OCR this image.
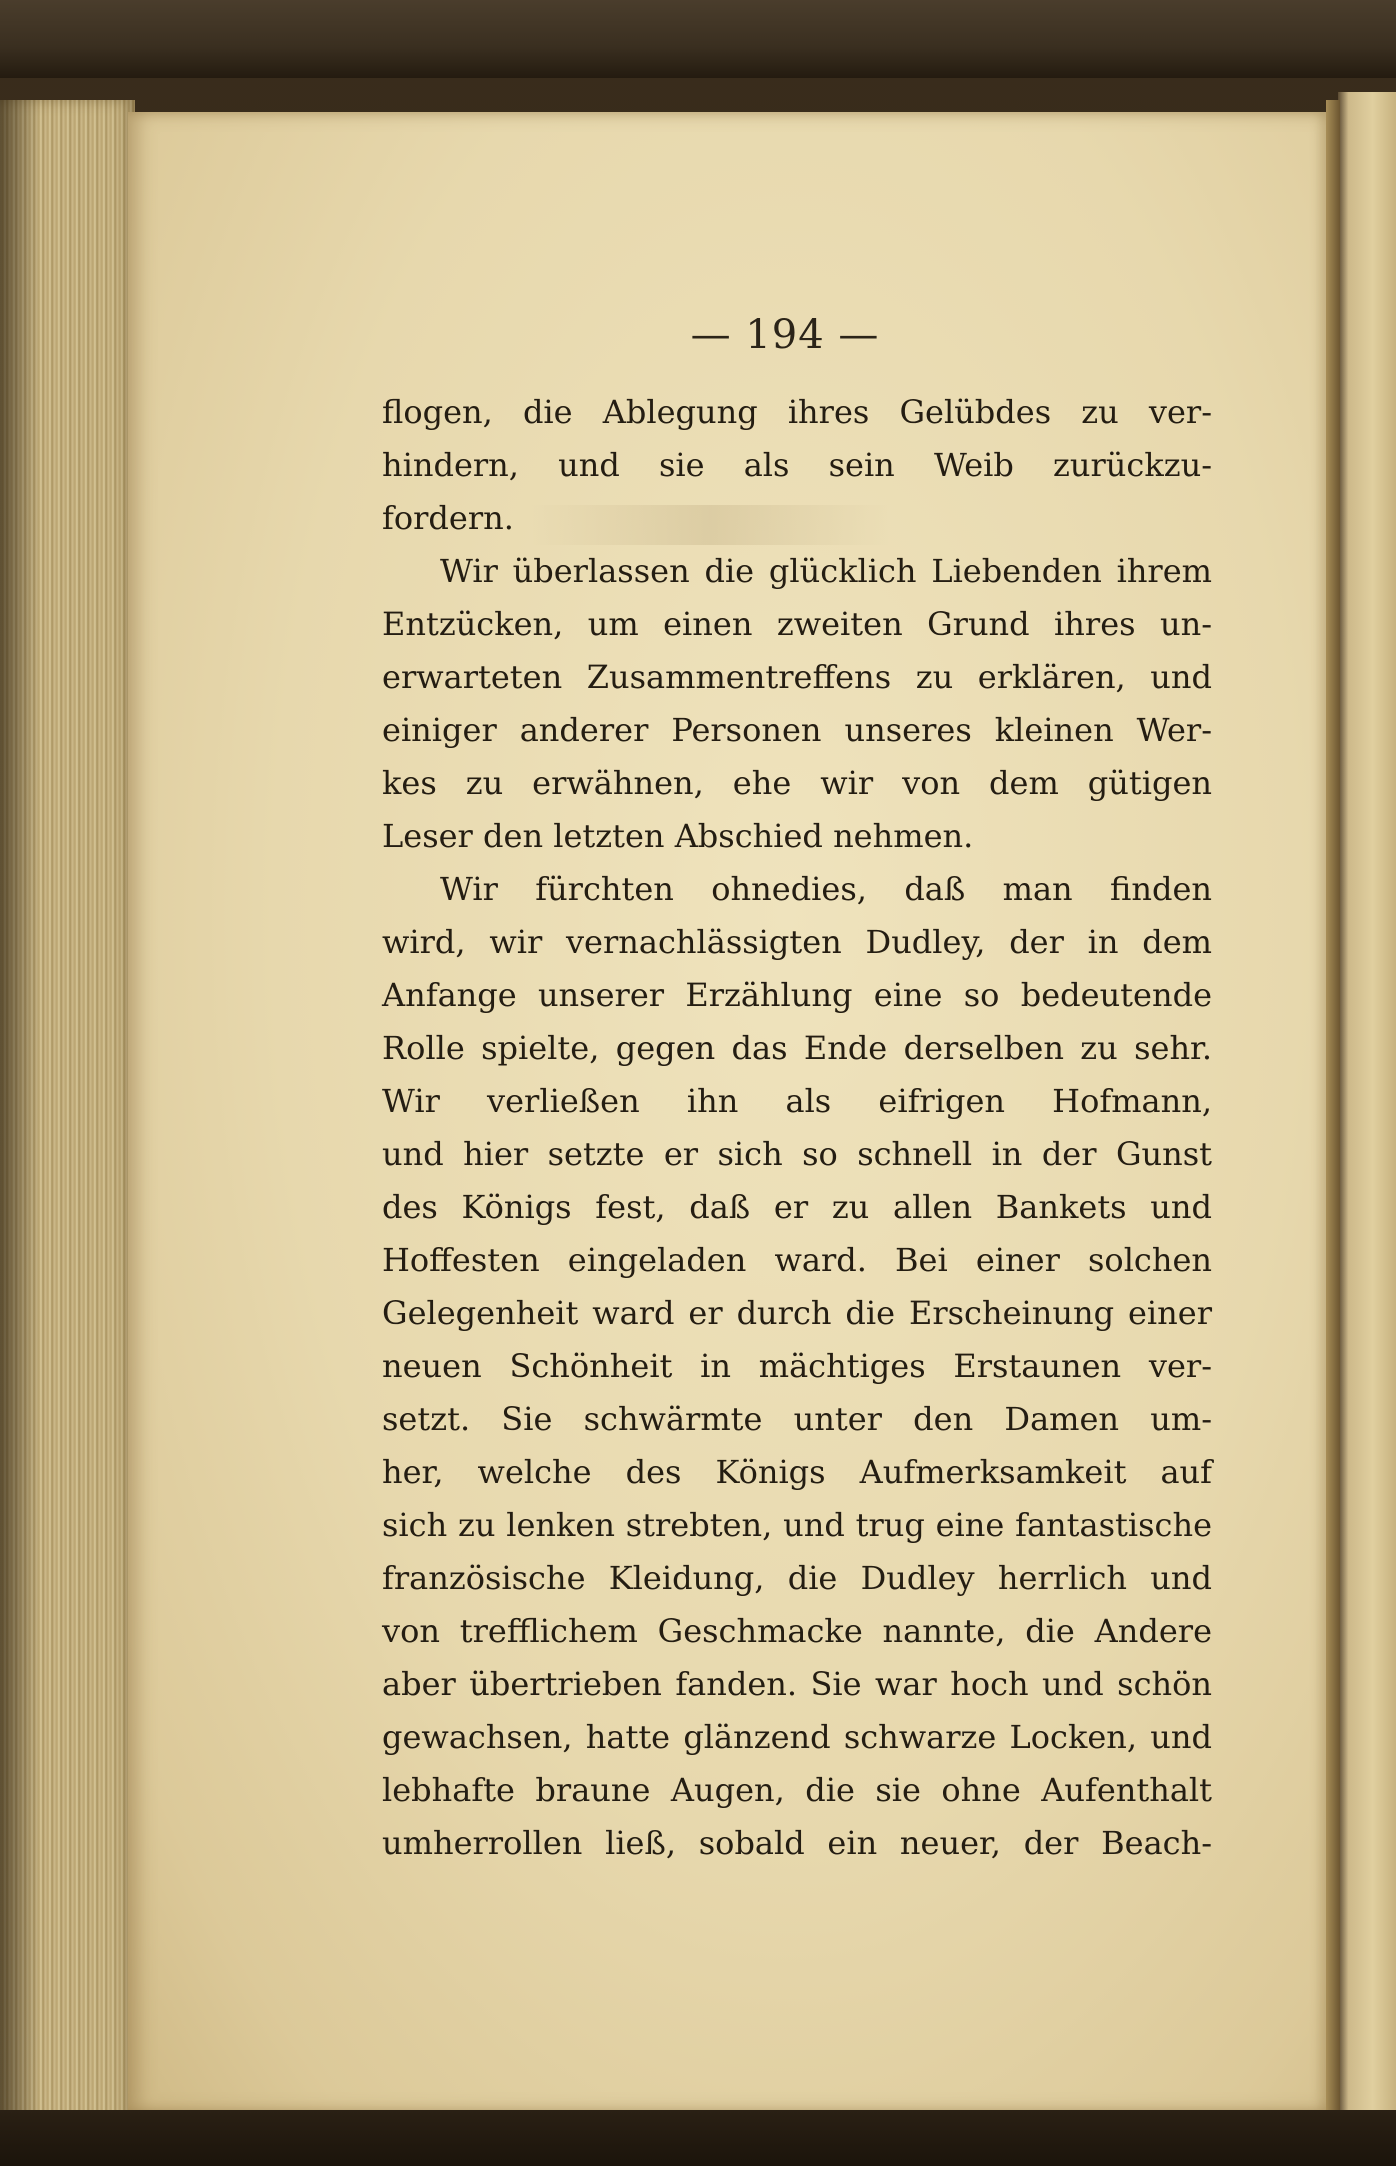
— 194 —
flogen, die Ablegung ihres Gelübdes zu ver-
hindern, und sie als sein Weib zurückzu-
fordern.
Wir überlassen die glücklich Liebenden ihrem
Entzücken, um einen zweiten Grund ihres un-
erwarteten Zusammentreffens zu erklären, und
einiger anderer Personen unseres kleinen Wer-
kes zu erwähnen, ehe wir von dem gütigen
Leser den letzten Abschied nehmen.
Wir fürchten ohnedies, daß man finden
wird, wir vernachlässigten Dudley, der in dem
Anfange unserer Erzählung eine so bedeutende
Rolle spielte, gegen das Ende derselben zu sehr.
Wir verließen ihn als eifrigen Hofmann,
und hier setzte er sich so schnell in der Gunst
des Königs fest, daß er zu allen Bankets und
Hoffesten eingeladen ward. Bei einer solchen
Gelegenheit ward er durch die Erscheinung einer
neuen Schönheit in mächtiges Erstaunen ver-
setzt. Sie schwärmte unter den Damen um-
her, welche des Königs Aufmerksamkeit auf
sich zu lenken strebten, und trug eine fantastische
französische Kleidung, die Dudley herrlich und
von trefflichem Geschmacke nannte, die Andere
aber übertrieben fanden. Sie war hoch und schön
gewachsen, hatte glänzend schwarze Locken, und
lebhafte braune Augen, die sie ohne Aufenthalt
umherrollen ließ, sobald ein neuer, der Beach-
